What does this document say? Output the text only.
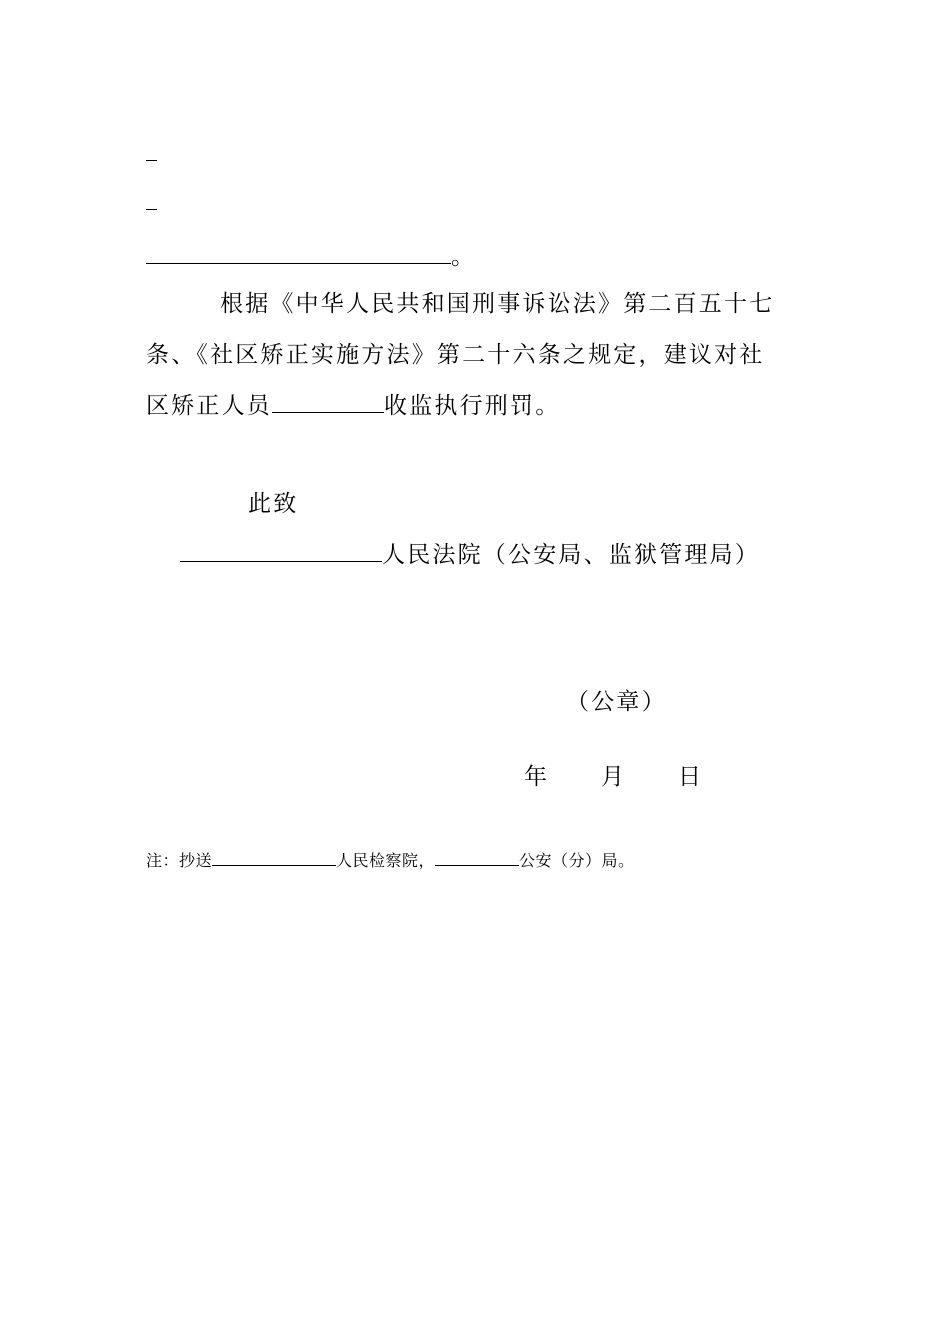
。
根据《中华人民共和国刑事诉讼法》第二百五十七
条、《社区矫正实施方法》第二十六条之规定，建议对社
区矫正人员	收监执行刑罚。
此致
人民法院（公安局、监狱管理局）
（公章）
年 月 日
注：抄送	人民检察院，	公安（分）局。
